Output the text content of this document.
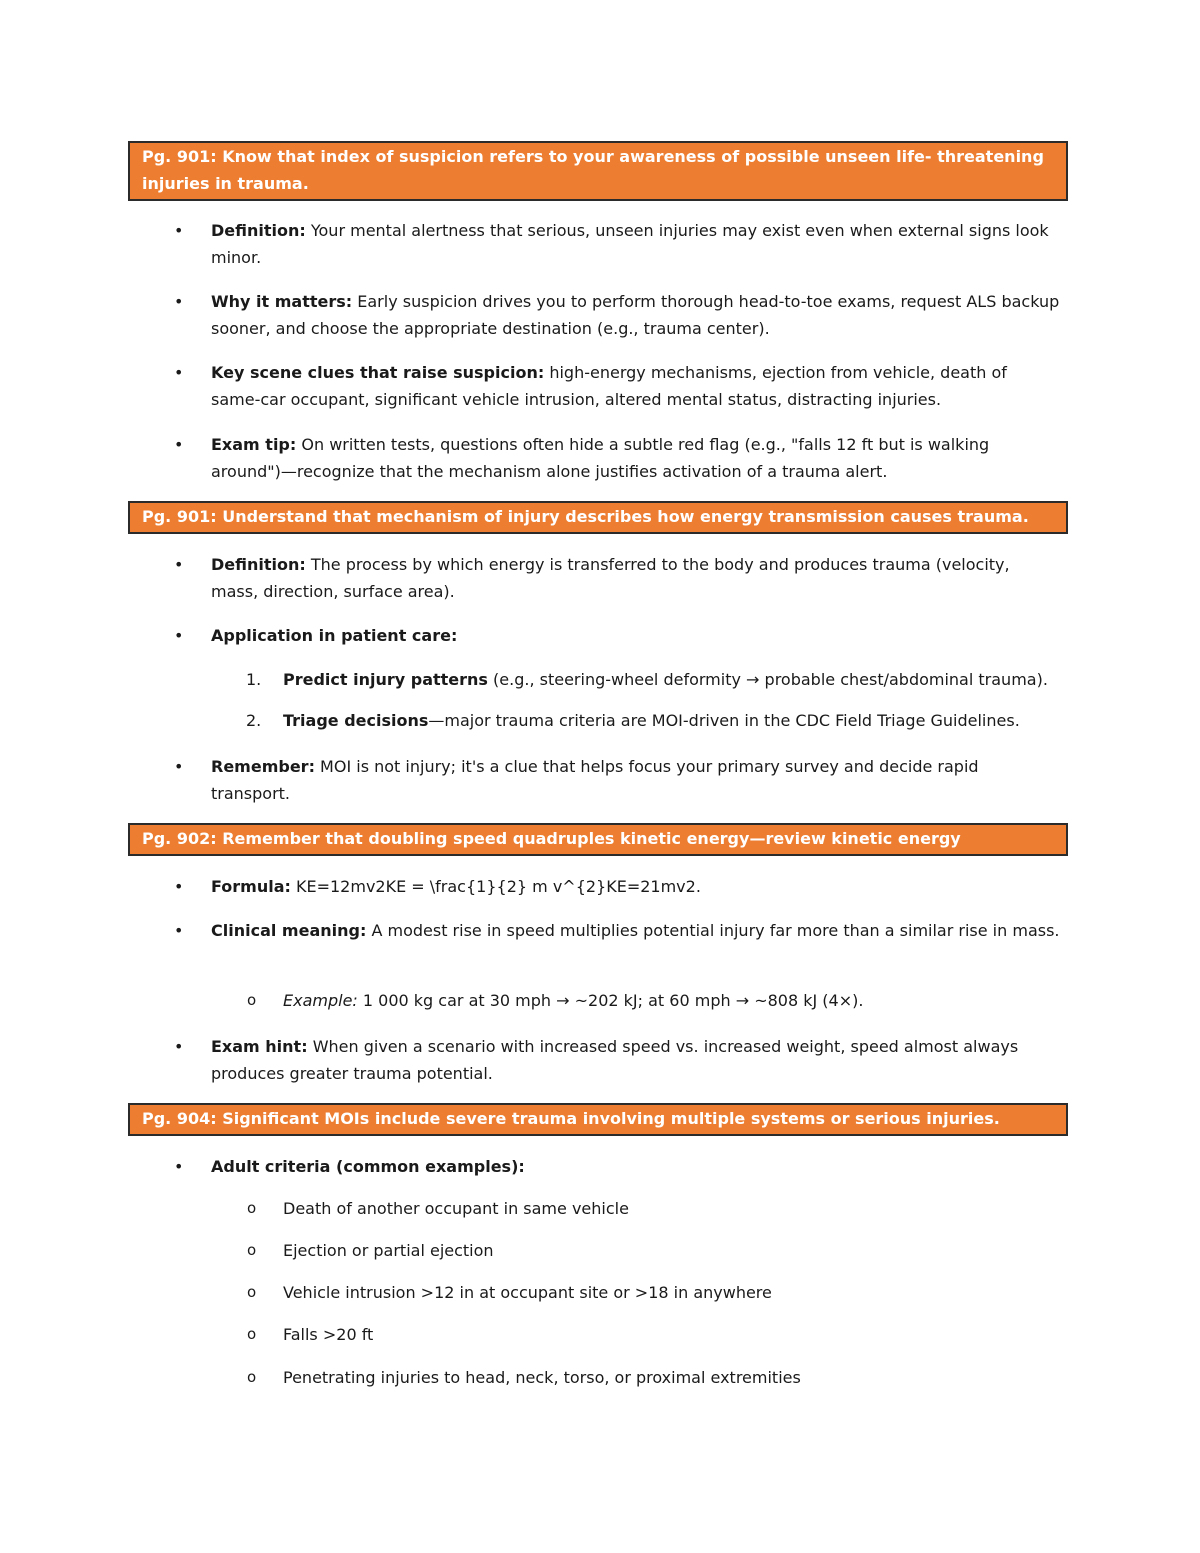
Pg. 901: Know that index of suspicion refers to your awareness of possible unseen life- threatening injuries in trauma.
• Definition: Your mental alertness that serious, unseen injuries may exist even when external signs look minor.
• Why it matters: Early suspicion drives you to perform thorough head-to-toe exams, request ALS backup sooner, and choose the appropriate destination (e.g., trauma center).
• Key scene clues that raise suspicion: high-energy mechanisms, ejection from vehicle, death of same-car occupant, significant vehicle intrusion, altered mental status, distracting injuries.
• Exam tip: On written tests, questions often hide a subtle red flag (e.g., "falls 12 ft but is walking around")—recognize that the mechanism alone justifies activation of a trauma alert.
Pg. 901: Understand that mechanism of injury describes how energy transmission causes trauma.
• Definition: The process by which energy is transferred to the body and produces trauma (velocity, mass, direction, surface area).
• Application in patient care:
1. Predict injury patterns (e.g., steering-wheel deformity → probable chest/abdominal trauma).
2. Triage decisions—major trauma criteria are MOI-driven in the CDC Field Triage Guidelines.
• Remember: MOI is not injury; it's a clue that helps focus your primary survey and decide rapid transport.
Pg. 902: Remember that doubling speed quadruples kinetic energy—review kinetic energy calculations.
• Formula: KE=12mv2KE = \frac{1}{2} m v^{2}KE=21mv2.
• Clinical meaning: A modest rise in speed multiplies potential injury far more than a similar rise in mass.
o Example: 1 000 kg car at 30 mph → ~202 kJ; at 60 mph → ~808 kJ (4×).
• Exam hint: When given a scenario with increased speed vs. increased weight, speed almost always produces greater trauma potential.
Pg. 904: Significant MOIs include severe trauma involving multiple systems or serious injuries.
• Adult criteria (common examples):
o Death of another occupant in same vehicle
o Ejection or partial ejection
o Vehicle intrusion >12 in at occupant site or >18 in anywhere
o Falls >20 ft
o Penetrating injuries to head, neck, torso, or proximal extremities
